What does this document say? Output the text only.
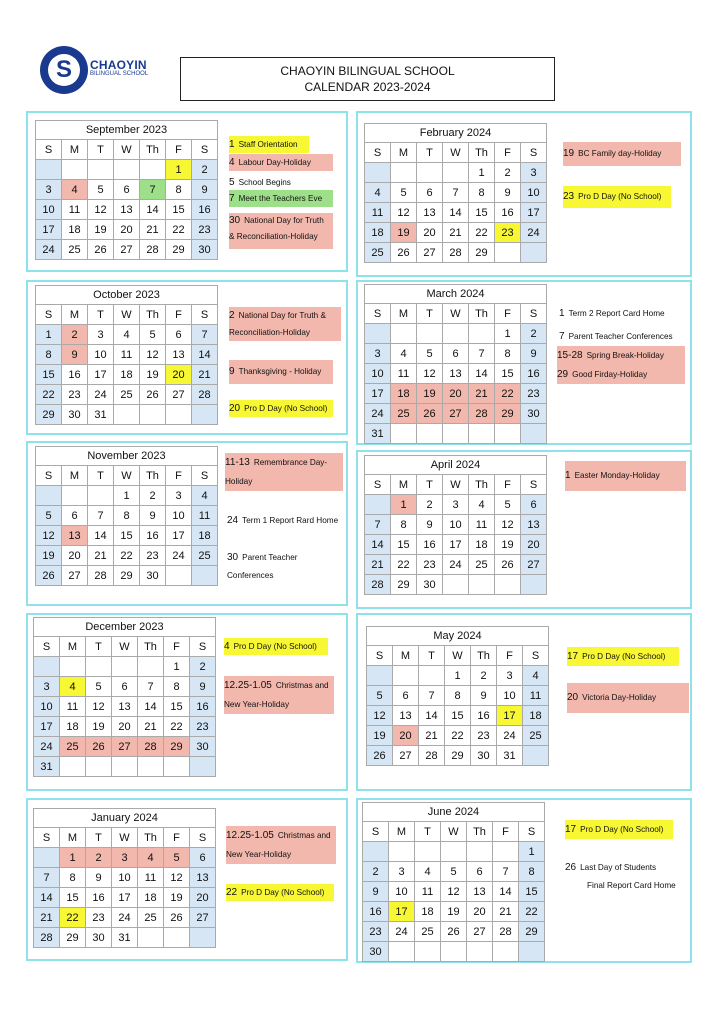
S	CHAOYIN
BILINGUAL SCHOOL	CHAOYIN BILINGUAL SCHOOL
CALENDAR 2023-2024
September 2023						
S	M	T	W	Th	F	S
					1	2
3	4	5	6	7	8	9
10	11	12	13	14	15	16
17	18	19	20	21	22	23
24	25	26	27	28	29	30
October 2023						
S	M	T	W	Th	F	S
1	2	3	4	5	6	7
8	9	10	11	12	13	14
15	16	17	18	19	20	21
22	23	24	25	26	27	28
29	30	31				
November 2023						
S	M	T	W	Th	F	S
			1	2	3	4
5	6	7	8	9	10	11
12	13	14	15	16	17	18
19	20	21	22	23	24	25
26	27	28	29	30		
December 2023						
S	M	T	W	Th	F	S
					1	2
3	4	5	6	7	8	9
10	11	12	13	14	15	16
17	18	19	20	21	22	23
24	25	26	27	28	29	30
31						
January 2024						
S	M	T	W	Th	F	S
	1	2	3	4	5	6
7	8	9	10	11	12	13
14	15	16	17	18	19	20
21	22	23	24	25	26	27
28	29	30	31			
February 2024						
S	M	T	W	Th	F	S
				1	2	3
4	5	6	7	8	9	10
11	12	13	14	15	16	17
18	19	20	21	22	23	24
25	26	27	28	29		
March 2024						
S	M	T	W	Th	F	S
					1	2
3	4	5	6	7	8	9
10	11	12	13	14	15	16
17	18	19	20	21	22	23
24	25	26	27	28	29	30
31						
April 2024						
S	M	T	W	Th	F	S
	1	2	3	4	5	6
7	8	9	10	11	12	13
14	15	16	17	18	19	20
21	22	23	24	25	26	27
28	29	30				
May 2024						
S	M	T	W	Th	F	S
			1	2	3	4
5	6	7	8	9	10	11
12	13	14	15	16	17	18
19	20	21	22	23	24	25
26	27	28	29	30	31	
June 2024						
S	M	T	W	Th	F	S
						1
2	3	4	5	6	7	8
9	10	11	12	13	14	15
16	17	18	19	20	21	22
23	24	25	26	27	28	29
30						
1 Staff Orientation
4 Labour Day-Holiday
5 School Begins
7 Meet the Teachers Eve
30 National Day for Truth
& Reconciliation-Holiday
2 National Day for Truth &
Reconciliation-Holiday
9 Thanksgiving - Holiday
20 Pro D Day (No School)
11-13 Remembrance Day-
Holiday
24 Term 1 Report Rard Home
30 Parent Teacher
Conferences
4 Pro D Day (No School)
12.25-1.05 Christmas and
New Year-Holiday
12.25-1.05 Christmas and
New Year-Holiday
22 Pro D Day (No School)
19 BC Family day-Holiday
23 Pro D Day (No School)
1 Term 2 Report Card Home
7 Parent Teacher Conferences
15-28 Spring Break-Holiday
29 Good Firday-Holiday
1 Easter Monday-Holiday
17 Pro D Day (No School)
20 Victoria Day-Holiday
17 Pro D Day (No School)
26 Last Day of Students
Final Report Card Home
